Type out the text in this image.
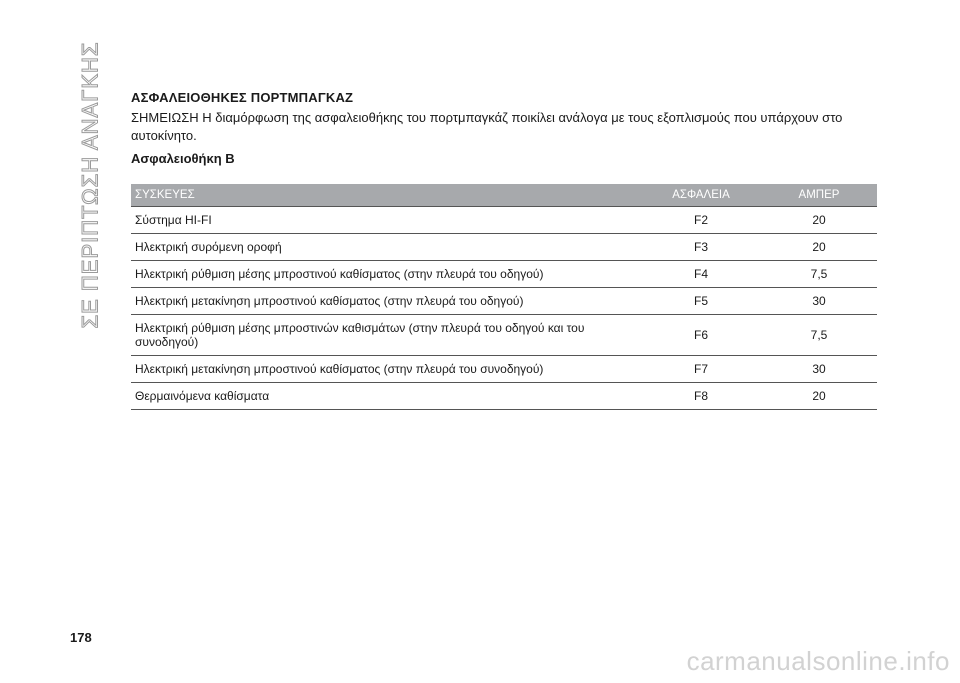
ΣΕ ΠΕΡΙΠΤΩΣΗ ΑΝΑΓΚΗΣ ΑΣΦΑΛΕΙΟΘΗΚΕΣ ΠΟΡΤΜΠΑΓΚΑΖ
ΣΗΜΕΙΩΣΗ Η διαμόρφωση της ασφαλειοθήκης του πορτμπαγκάζ ποικίλει ανάλογα με τους εξοπλισμούς που υπάρχουν στο αυτοκίνητο.
Ασφαλειοθήκη B
ΣΥΣΚΕΥΕΣ	ΑΣΦΑΛΕΙΑ	ΑΜΠΕΡ
Σύστημα HI-FI	F2	20
Ηλεκτρική συρόμενη οροφή	F3	20
Ηλεκτρική ρύθμιση μέσης μπροστινού καθίσματος (στην πλευρά του οδηγού)	F4	7,5
Ηλεκτρική μετακίνηση μπροστινού καθίσματος (στην πλευρά του οδηγού)	F5	30

Ηλεκτρική ρύθμιση μέσης μπροστινών καθισμάτων (στην πλευρά του οδηγού και του συνοδηγού)	F6	7,5
Ηλεκτρική μετακίνηση μπροστινού καθίσματος (στην πλευρά του συνοδηγού)	F7	30
Θερμαινόμενα καθίσματα	F8	20
178
carmanualsonline.info
